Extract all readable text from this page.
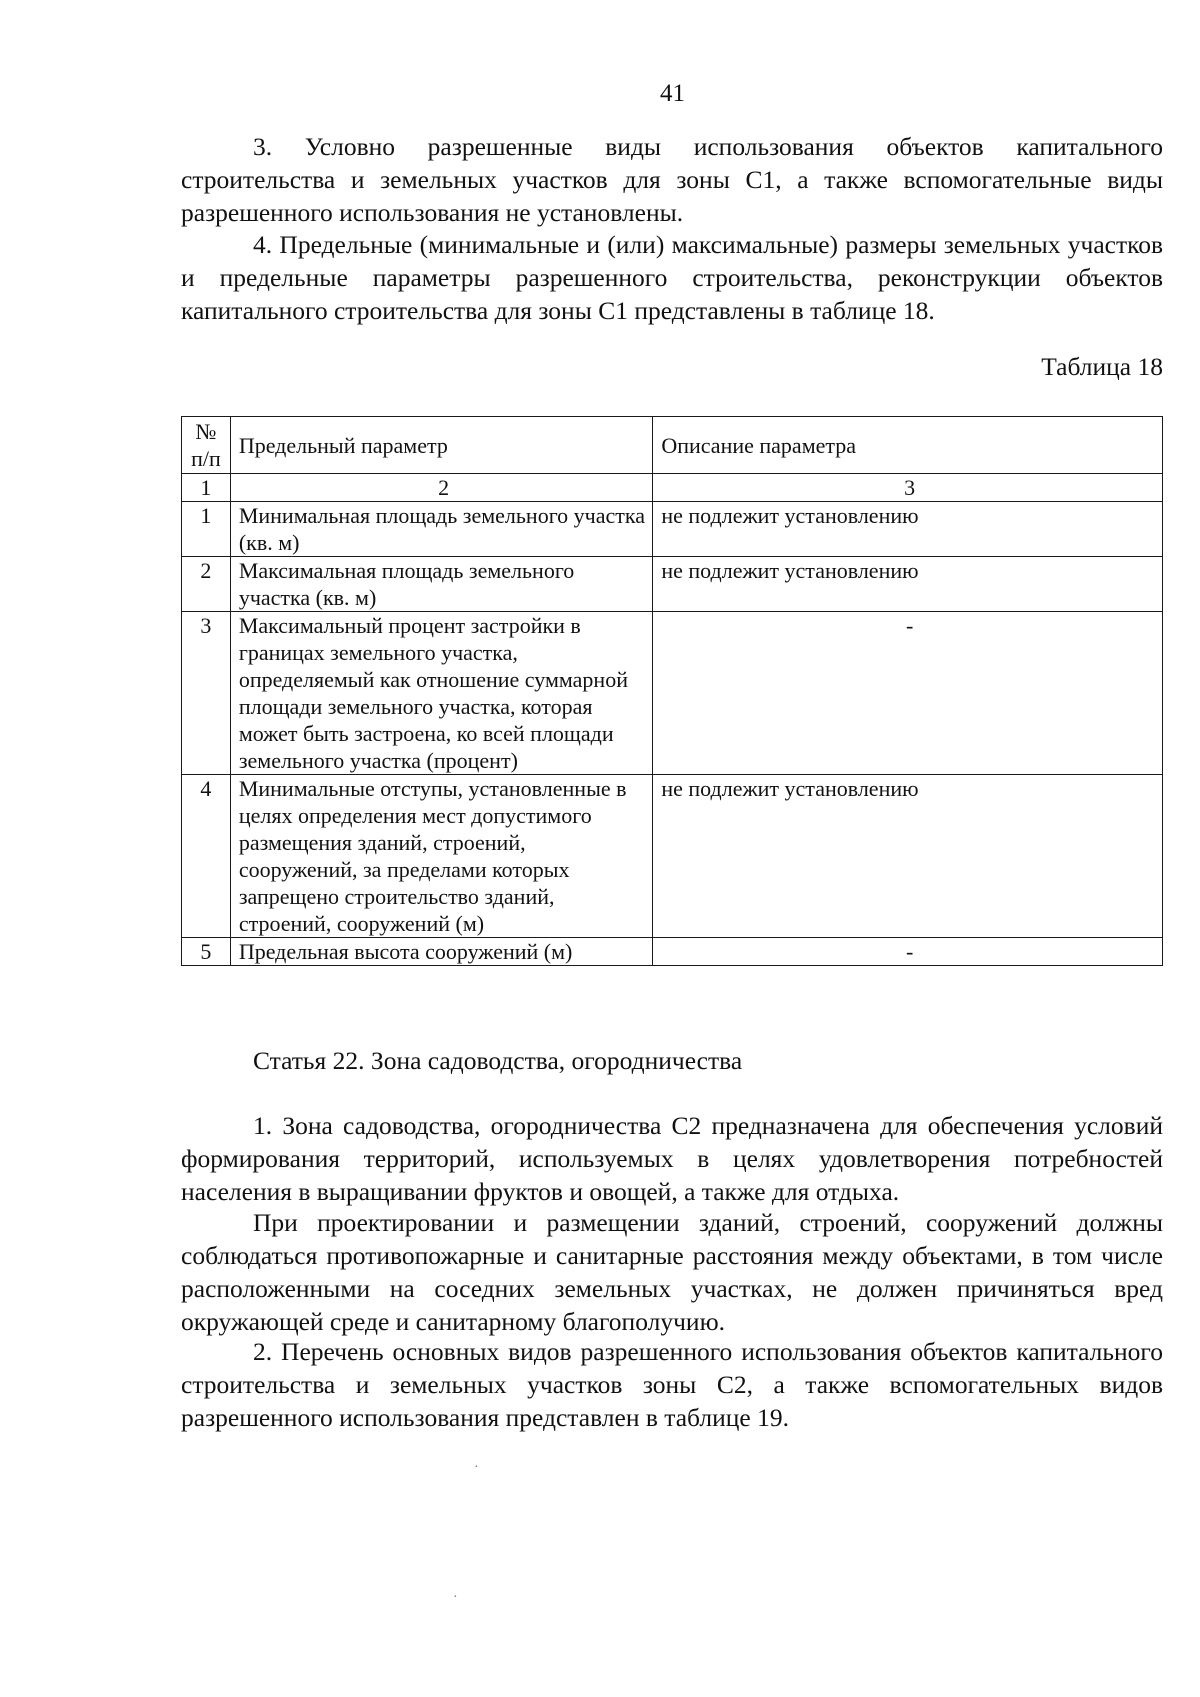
41

3. Условно разрешенные виды использования объектов капитального строительства и земельных участков для зоны С1, а также вспомогательные виды разрешенного использования не установлены.

4. Предельные (минимальные и (или) максимальные) размеры земельных участков и предельные параметры разрешенного строительства, реконструкции объектов капитального строительства для зоны С1 представлены в таблице 18.

Таблица 18
№ п/п	Предельный параметр	Описание параметра
1	2	3
1	Минимальная площадь земельного участка (кв. м)	не подлежит установлению
2	Максимальная площадь земельного участка (кв. м)	не подлежит установлению
3	Максимальный процент застройки в границах земельного участка, определяемый как отношение суммарной площади земельного участка, которая может быть застроена, ко всей площади земельного участка (процент)	-
4	Минимальные отступы, установленные в целях определения мест допустимого размещения зданий, строений, сооружений, за пределами которых запрещено строительство зданий, строений, сооружений (м)	не подлежит установлению
5	Предельная высота сооружений (м)	-
Статья 22. Зона садоводства, огородничества

1. Зона садоводства, огородничества С2 предназначена для обеспечения условий формирования территорий, используемых в целях удовлетворения потребностей населения в выращивании фруктов и овощей, а также для отдыха.

При проектировании и размещении зданий, строений, сооружений должны соблюдаться противопожарные и санитарные расстояния между объектами, в том числе расположенными на соседних земельных участках, не должен причиняться вред окружающей среде и санитарному благополучию.

2. Перечень основных видов разрешенного использования объектов капитального строительства и земельных участков зоны С2, а также вспомогательных видов разрешенного использования представлен в таблице 19.

·
·
